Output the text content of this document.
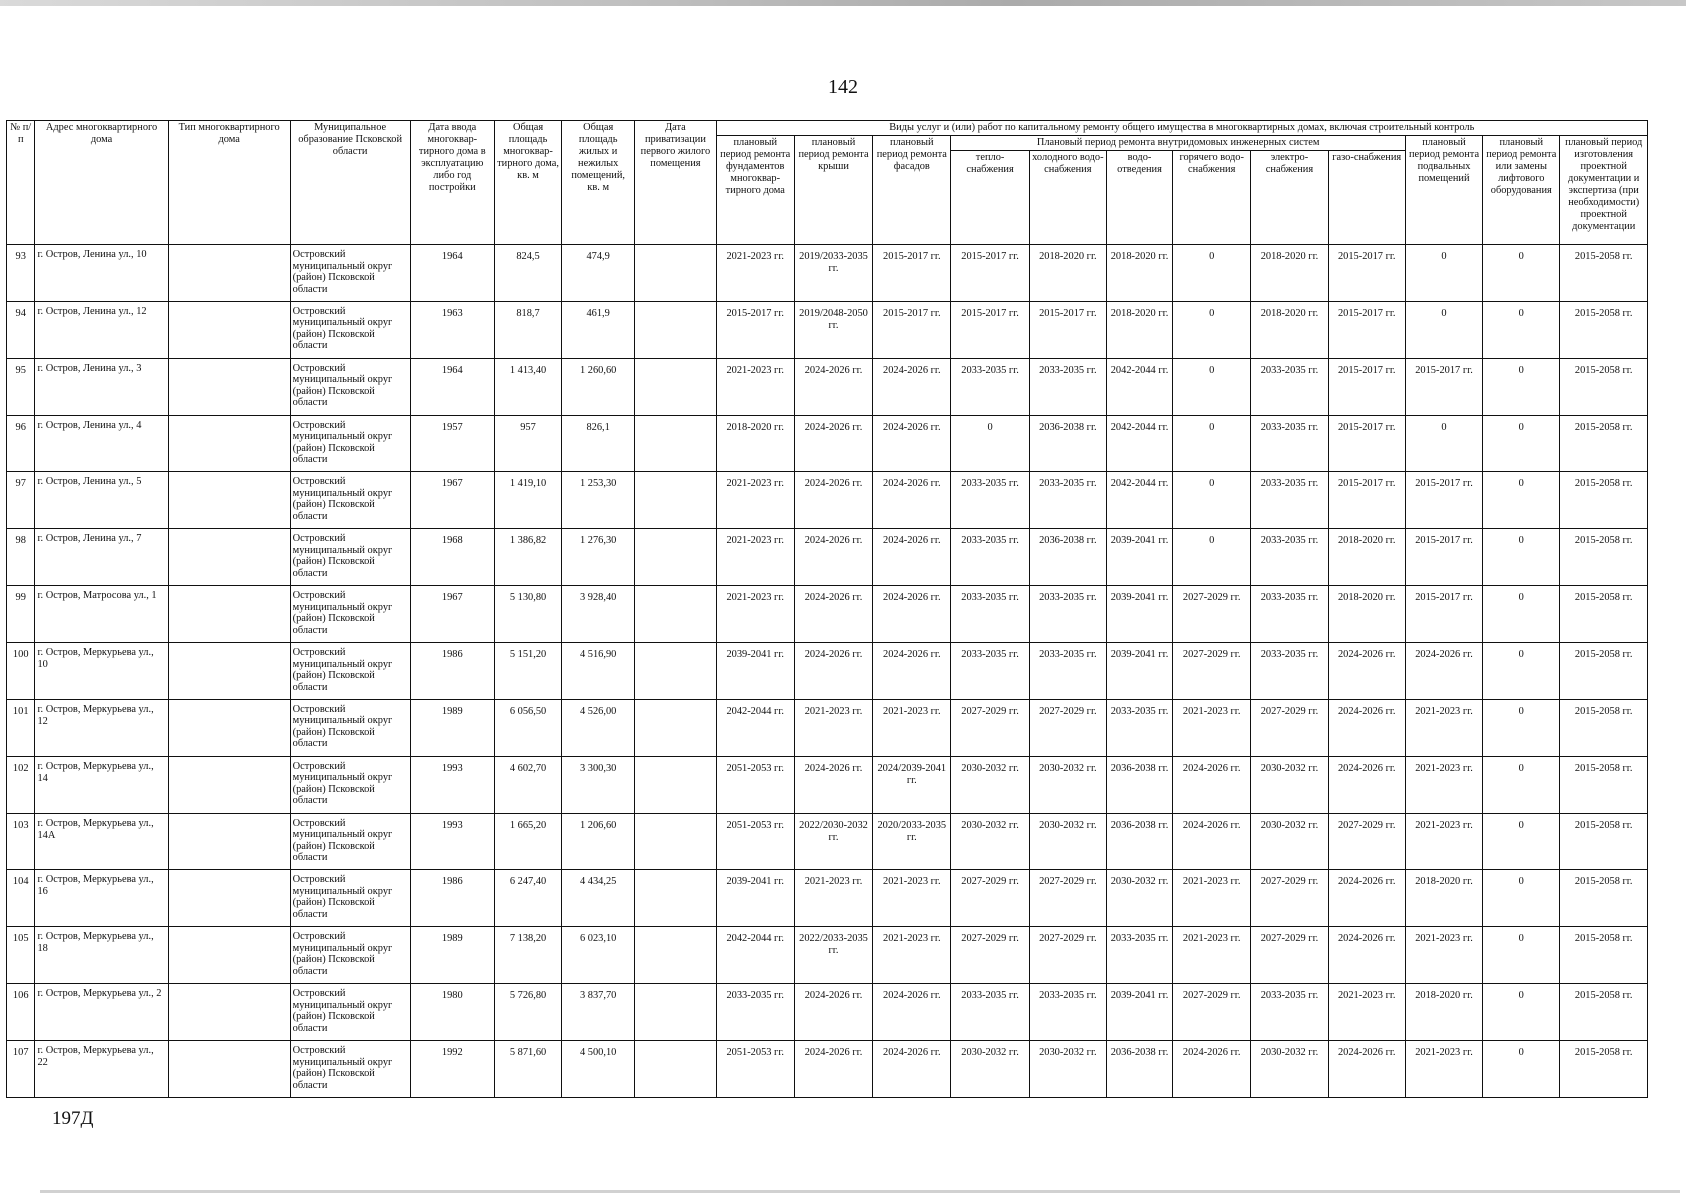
142
№ п/п	Адрес многоквартирного дома	Тип многоквартирного дома	Муниципальное образование Псковской области	Дата ввода многоквар-тирного дома в эксплуатацию либо год постройки	Общая площадь многоквар-тирного дома, кв. м	Общая площадь жилых и нежилых помещений, кв. м	Дата приватизации первого жилого помещения	Виды услуг и (или) работ по капитальному ремонту общего имущества в многоквартирных домах, включая строительный контроль											
								плановый период ремонта фундаментов многоквар-тирного дома	плановый период ремонта крыши	плановый период ремонта фасадов	Плановый период ремонта внутридомовых инженерных систем						плановый период ремонта подвальных помещений	плановый период ремонта или замены лифтового оборудования	плановый период изготовления проектной документации и экспертиза (при необходимости) проектной документации
											тепло-снабжения	холодного водо-снабжения	водо-отведения	горячего водо-снабжения	электро-снабжения	газо-снабжения			
93	г. Остров, Ленина ул., 10		Островский муниципальный округ (район) Псковской области	1964	824,5	474,9		2021-2023 гг.	2019/2033-2035 гг.	2015-2017 гг.	2015-2017 гг.	2018-2020 гг.	2018-2020 гг.	0	2018-2020 гг.	2015-2017 гг.	0	0	2015-2058 гг.
94	г. Остров, Ленина ул., 12		Островский муниципальный округ (район) Псковской области	1963	818,7	461,9		2015-2017 гг.	2019/2048-2050 гг.	2015-2017 гг.	2015-2017 гг.	2015-2017 гг.	2018-2020 гг.	0	2018-2020 гг.	2015-2017 гг.	0	0	2015-2058 гг.
95	г. Остров, Ленина ул., 3		Островский муниципальный округ (район) Псковской области	1964	1 413,40	1 260,60		2021-2023 гг.	2024-2026 гг.	2024-2026 гг.	2033-2035 гг.	2033-2035 гг.	2042-2044 гг.	0	2033-2035 гг.	2015-2017 гг.	2015-2017 гг.	0	2015-2058 гг.
96	г. Остров, Ленина ул., 4		Островский муниципальный округ (район) Псковской области	1957	957	826,1		2018-2020 гг.	2024-2026 гг.	2024-2026 гг.	0	2036-2038 гг.	2042-2044 гг.	0	2033-2035 гг.	2015-2017 гг.	0	0	2015-2058 гг.
97	г. Остров, Ленина ул., 5		Островский муниципальный округ (район) Псковской области	1967	1 419,10	1 253,30		2021-2023 гг.	2024-2026 гг.	2024-2026 гг.	2033-2035 гг.	2033-2035 гг.	2042-2044 гг.	0	2033-2035 гг.	2015-2017 гг.	2015-2017 гг.	0	2015-2058 гг.
98	г. Остров, Ленина ул., 7		Островский муниципальный округ (район) Псковской области	1968	1 386,82	1 276,30		2021-2023 гг.	2024-2026 гг.	2024-2026 гг.	2033-2035 гг.	2036-2038 гг.	2039-2041 гг.	0	2033-2035 гг.	2018-2020 гг.	2015-2017 гг.	0	2015-2058 гг.
99	г. Остров, Матросова ул., 1		Островский муниципальный округ (район) Псковской области	1967	5 130,80	3 928,40		2021-2023 гг.	2024-2026 гг.	2024-2026 гг.	2033-2035 гг.	2033-2035 гг.	2039-2041 гг.	2027-2029 гг.	2033-2035 гг.	2018-2020 гг.	2015-2017 гг.	0	2015-2058 гг.
100	г. Остров, Меркурьева ул., 10		Островский муниципальный округ (район) Псковской области	1986	5 151,20	4 516,90		2039-2041 гг.	2024-2026 гг.	2024-2026 гг.	2033-2035 гг.	2033-2035 гг.	2039-2041 гг.	2027-2029 гг.	2033-2035 гг.	2024-2026 гг.	2024-2026 гг.	0	2015-2058 гг.
101	г. Остров, Меркурьева ул., 12		Островский муниципальный округ (район) Псковской области	1989	6 056,50	4 526,00		2042-2044 гг.	2021-2023 гг.	2021-2023 гг.	2027-2029 гг.	2027-2029 гг.	2033-2035 гг.	2021-2023 гг.	2027-2029 гг.	2024-2026 гг.	2021-2023 гг.	0	2015-2058 гг.
102	г. Остров, Меркурьева ул., 14		Островский муниципальный округ (район) Псковской области	1993	4 602,70	3 300,30		2051-2053 гг.	2024-2026 гг.	2024/2039-2041 гг.	2030-2032 гг.	2030-2032 гг.	2036-2038 гг.	2024-2026 гг.	2030-2032 гг.	2024-2026 гг.	2021-2023 гг.	0	2015-2058 гг.
103	г. Остров, Меркурьева ул., 14А		Островский муниципальный округ (район) Псковской области	1993	1 665,20	1 206,60		2051-2053 гг.	2022/2030-2032 гг.	2020/2033-2035 гг.	2030-2032 гг.	2030-2032 гг.	2036-2038 гг.	2024-2026 гг.	2030-2032 гг.	2027-2029 гг.	2021-2023 гг.	0	2015-2058 гг.
104	г. Остров, Меркурьева ул., 16		Островский муниципальный округ (район) Псковской области	1986	6 247,40	4 434,25		2039-2041 гг.	2021-2023 гг.	2021-2023 гг.	2027-2029 гг.	2027-2029 гг.	2030-2032 гг.	2021-2023 гг.	2027-2029 гг.	2024-2026 гг.	2018-2020 гг.	0	2015-2058 гг.
105	г. Остров, Меркурьева ул., 18		Островский муниципальный округ (район) Псковской области	1989	7 138,20	6 023,10		2042-2044 гг.	2022/2033-2035 гг.	2021-2023 гг.	2027-2029 гг.	2027-2029 гг.	2033-2035 гг.	2021-2023 гг.	2027-2029 гг.	2024-2026 гг.	2021-2023 гг.	0	2015-2058 гг.
106	г. Остров, Меркурьева ул., 2		Островский муниципальный округ (район) Псковской области	1980	5 726,80	3 837,70		2033-2035 гг.	2024-2026 гг.	2024-2026 гг.	2033-2035 гг.	2033-2035 гг.	2039-2041 гг.	2027-2029 гг.	2033-2035 гг.	2021-2023 гг.	2018-2020 гг.	0	2015-2058 гг.
107	г. Остров, Меркурьева ул., 22		Островский муниципальный округ (район) Псковской области	1992	5 871,60	4 500,10		2051-2053 гг.	2024-2026 гг.	2024-2026 гг.	2030-2032 гг.	2030-2032 гг.	2036-2038 гг.	2024-2026 гг.	2030-2032 гг.	2024-2026 гг.	2021-2023 гг.	0	2015-2058 гг.
197Д
